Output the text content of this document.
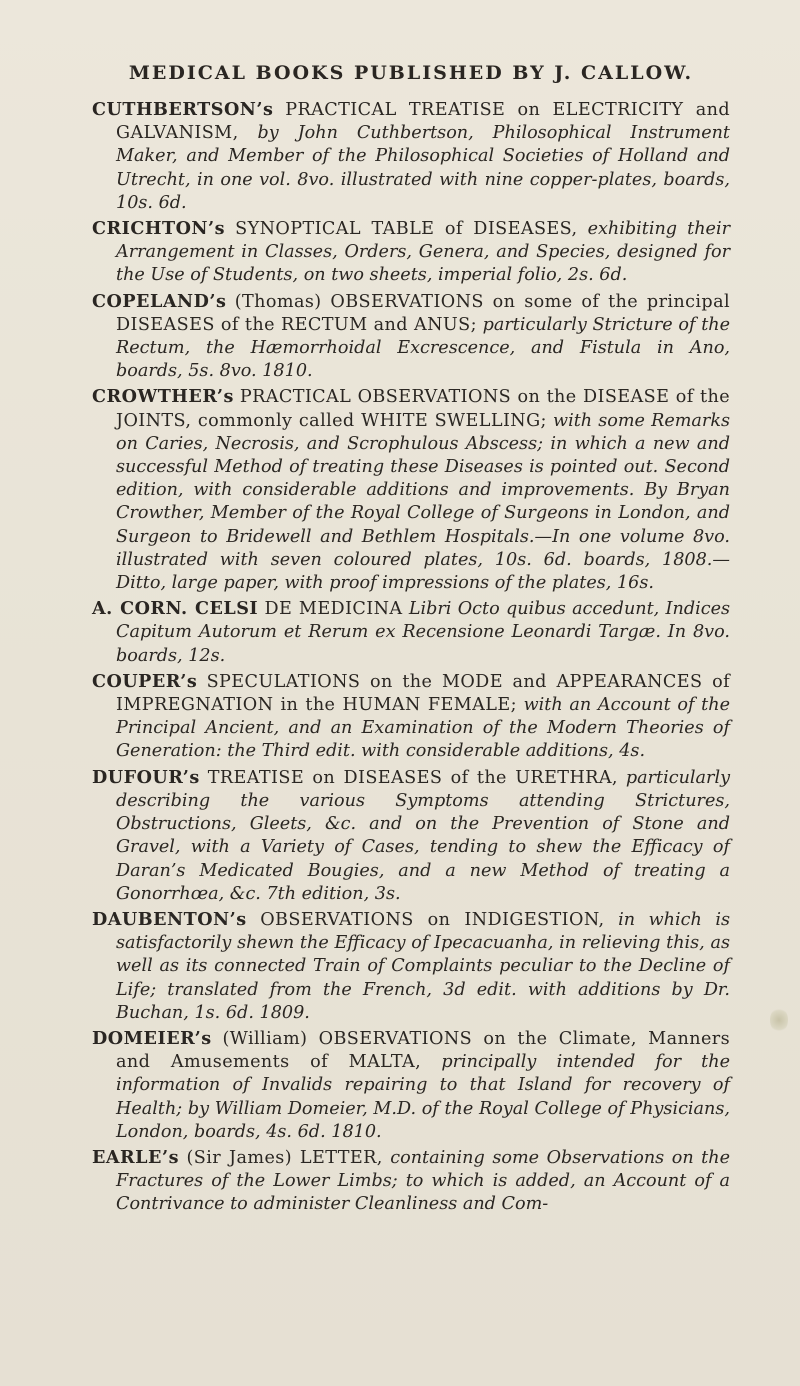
MEDICAL BOOKS PUBLISHED BY J. CALLOW.

CUTHBERTSON’s PRACTICAL TREATISE on ELECTRICITY and GALVANISM, by John Cuthbertson, Philosophical Instrument Maker, and Member of the Philosophical Societies of Holland and Utrecht, in one vol. 8vo. illustrated with nine copper-plates, boards, 10s. 6d.

CRICHTON’s SYNOPTICAL TABLE of DISEASES, exhibiting their Arrangement in Classes, Orders, Genera, and Species, designed for the Use of Students, on two sheets, imperial folio, 2s. 6d.

COPELAND’s (Thomas) OBSERVATIONS on some of the principal DISEASES of the RECTUM and ANUS; particularly Stricture of the Rectum, the Hæmorrhoidal Excrescence, and Fistula in Ano, boards, 5s. 8vo. 1810.

CROWTHER’s PRACTICAL OBSERVATIONS on the DISEASE of the JOINTS, commonly called WHITE SWELLING; with some Remarks on Caries, Necrosis, and Scrophulous Abscess; in which a new and successful Method of treating these Diseases is pointed out. Second edition, with considerable additions and improvements. By Bryan Crowther, Member of the Royal College of Surgeons in London, and Surgeon to Bridewell and Bethlem Hospitals.—In one volume 8vo. illustrated with seven coloured plates, 10s. 6d. boards, 1808.—Ditto, large paper, with proof impressions of the plates, 16s.

A. CORN. CELSI DE MEDICINA Libri Octo quibus accedunt, Indices Capitum Autorum et Rerum ex Recensione Leonardi Targæ. In 8vo. boards, 12s.

COUPER’s SPECULATIONS on the MODE and APPEARANCES of IMPREGNATION in the HUMAN FEMALE; with an Account of the Principal Ancient, and an Examination of the Modern Theories of Generation: the Third edit. with considerable additions, 4s.

DUFOUR’s TREATISE on DISEASES of the URETHRA, particularly describing the various Symptoms attending Strictures, Obstructions, Gleets, &c. and on the Prevention of Stone and Gravel, with a Variety of Cases, tending to shew the Efficacy of Daran’s Medicated Bougies, and a new Method of treating a Gonorrhœa, &c. 7th edition, 3s.

DAUBENTON’s OBSERVATIONS on INDIGESTION, in which is satisfactorily shewn the Efficacy of Ipecacuanha, in relieving this, as well as its connected Train of Complaints peculiar to the Decline of Life; translated from the French, 3d edit. with additions by Dr. Buchan, 1s. 6d. 1809.

DOMEIER’s (William) OBSERVATIONS on the Climate, Manners and Amusements of MALTA, principally intended for the information of Invalids repairing to that Island for recovery of Health; by William Domeier, M.D. of the Royal College of Physicians, London, boards, 4s. 6d. 1810.

EARLE’s (Sir James) LETTER, containing some Observations on the Fractures of the Lower Limbs; to which is added, an Account of a Contrivance to administer Cleanliness and Com-
